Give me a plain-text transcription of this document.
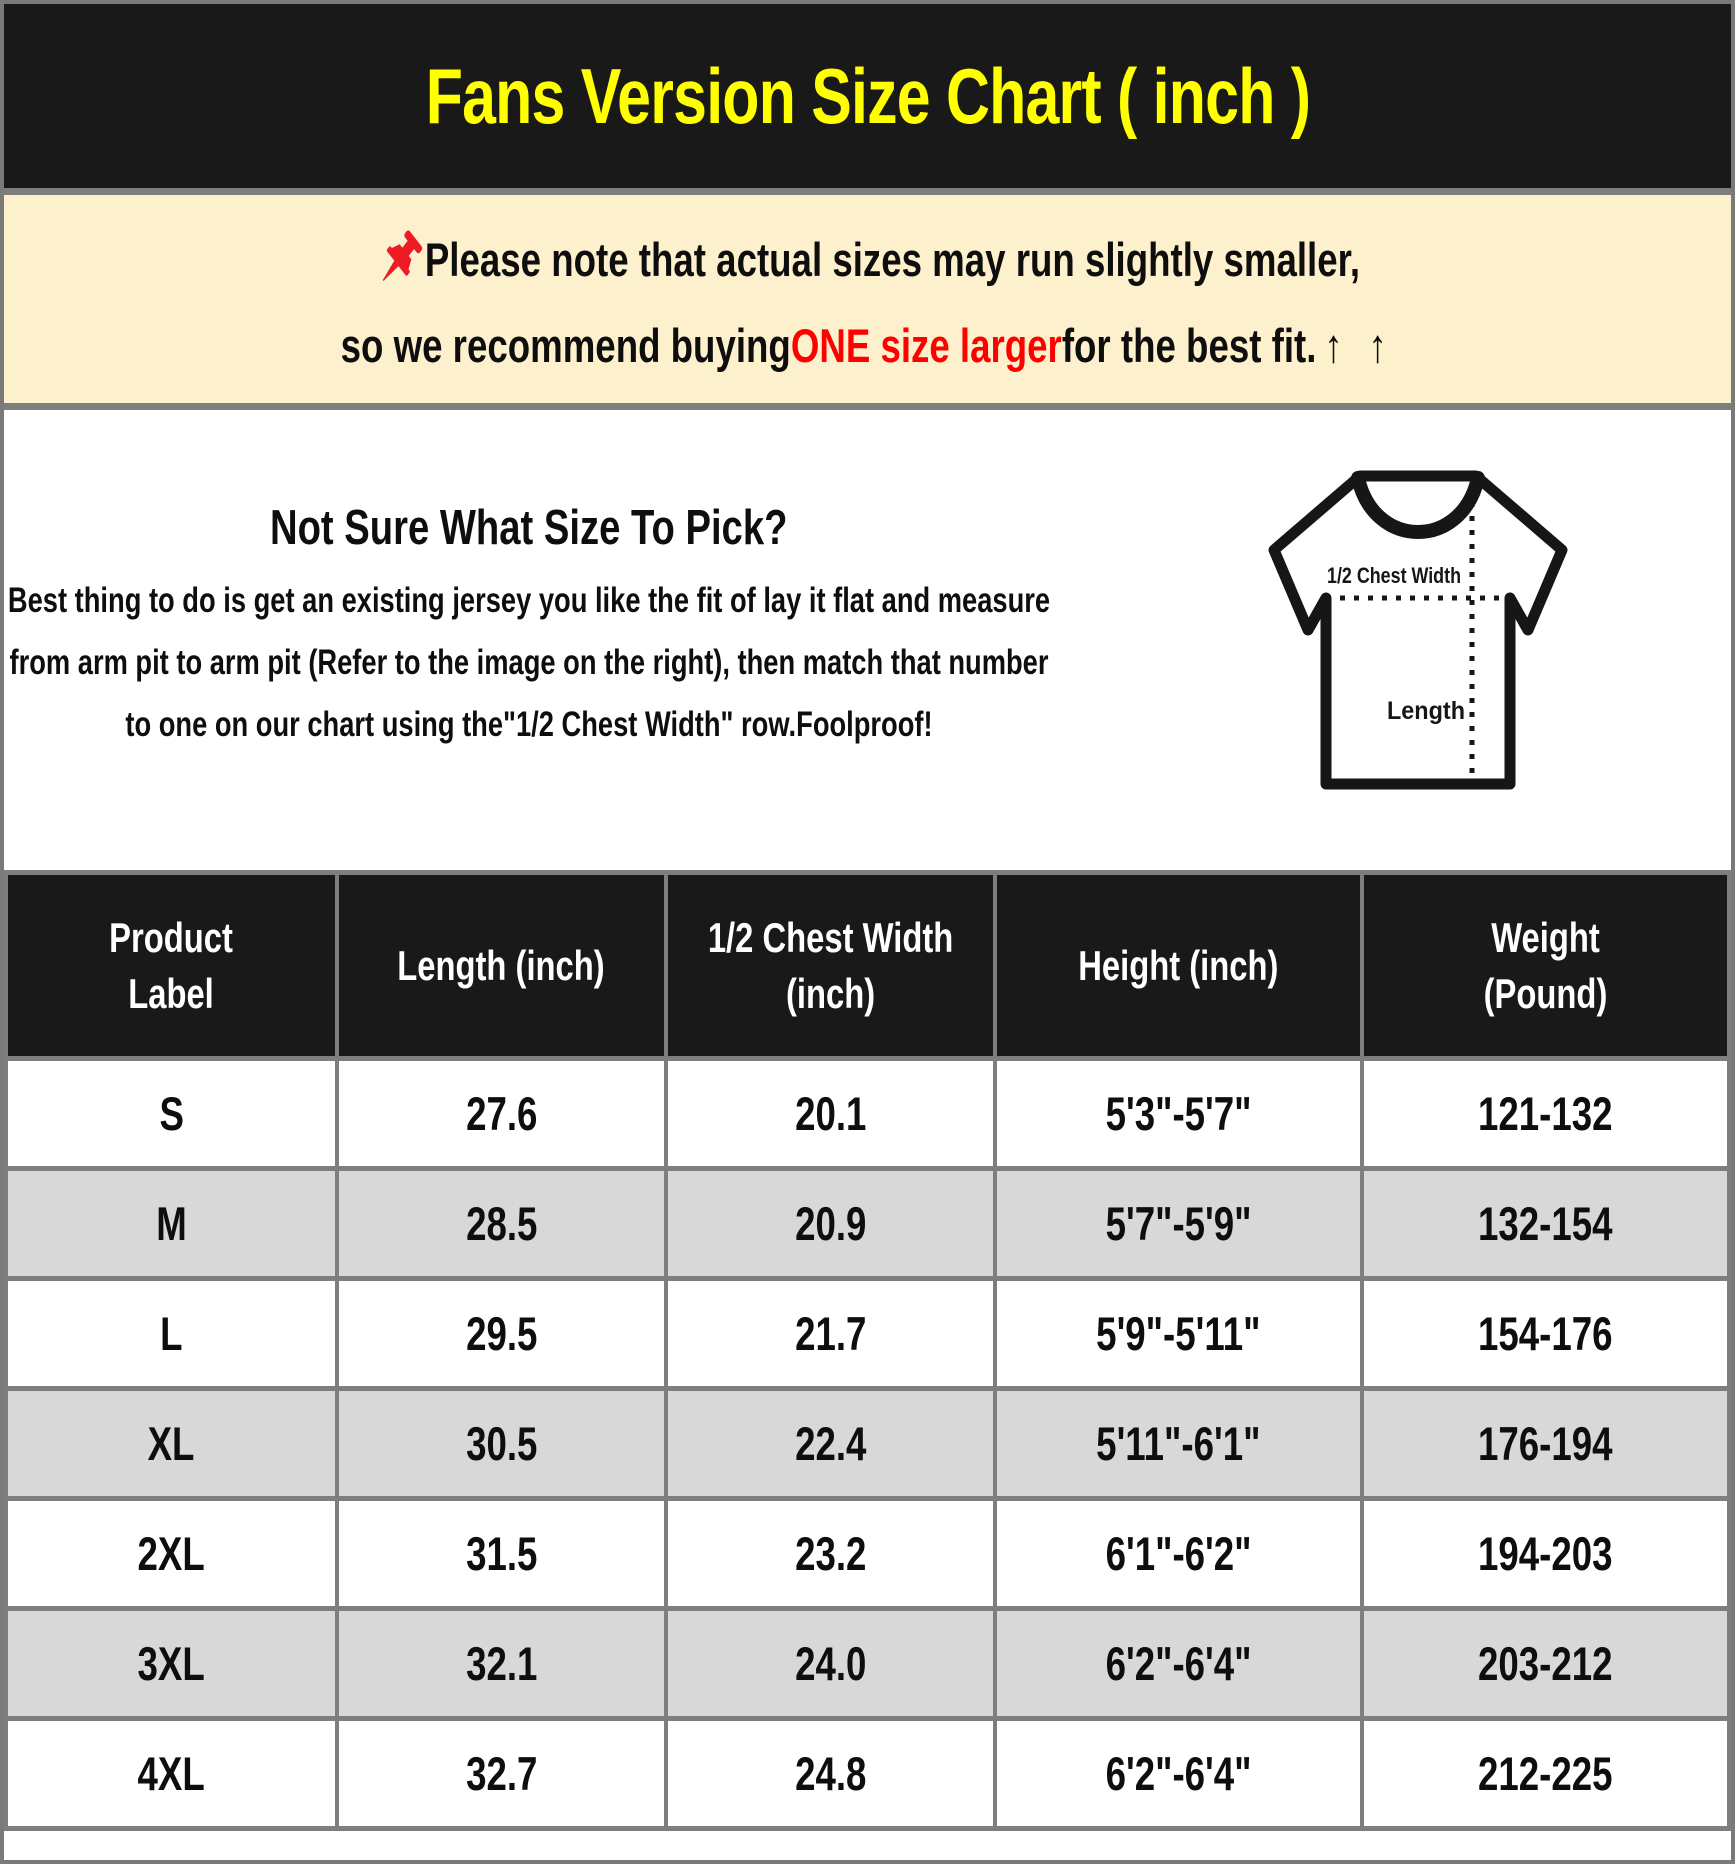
Fans Version Size Chart ( inch )
Please note that actual sizes may run slightly smaller,
so we recommend buying ONE size larger for the best fit. ↑ ↑
Not Sure What Size To Pick?

Best thing to do is get an existing jersey you like the fit of lay it flat and measure from arm pit to arm pit (Refer to the image on the right), then match that number to one on our chart using the"1/2 Chest Width" row.Foolproof!

1/2 Chest Width
Length
Product Label	Length (inch)	1/2 Chest Width (inch)	Height (inch)	Weight (Pound)
S	27.6	20.1	5'3"-5'7"	121-132
M	28.5	20.9	5'7"-5'9"	132-154
L	29.5	21.7	5'9"-5'11"	154-176
XL	30.5	22.4	5'11"-6'1"	176-194
2XL	31.5	23.2	6'1"-6'2"	194-203
3XL	32.1	24.0	6'2"-6'4"	203-212
4XL	32.7	24.8	6'2"-6'4"	212-225
